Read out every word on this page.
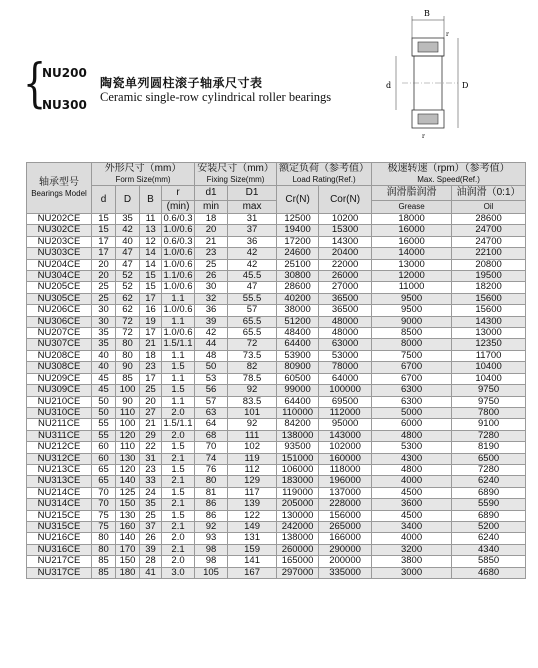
{
NU200
NU300
陶瓷单列圆柱滚子轴承尺寸表
Ceramic single-row cylindrical roller bearings
B
d	D
r
r
轴承型号
Bearings Model	外形尺寸（mm）
Form Size(mm)				安装尺寸（mm）
Fixing Size(mm)		额定负荷（参考值）
Load Rating(Ref.)		极速转速（rpm）（参考值）
Max. Speed(Ref.)	

	d	D	B	r	d1	D1	Cr(N)	Cor(N)	润滑脂润滑	油润滑（0:1）
				(min)	min	max			Grease	Oil

NU202CE	15	35	11	0.6/0.3	18	31	12500	10200	18000	28600
NU302CE	15	42	13	1.0/0.6	20	37	19400	15300	16000	24700
NU203CE	17	40	12	0.6/0.3	21	36	17200	14300	16000	24700
NU303CE	17	47	14	1.0/0.6	23	42	24600	20400	14000	22100
NU204CE	20	47	14	1.0/0.6	25	42	25100	22000	13000	20800
NU304CE	20	52	15	1.1/0.6	26	45.5	30800	26000	12000	19500
NU205CE	25	52	15	1.0/0.6	30	47	28600	27000	11000	18200
NU305CE	25	62	17	1.1	32	55.5	40200	36500	9500	15600
NU206CE	30	62	16	1.0/0.6	36	57	38000	36500	9500	15600
NU306CE	30	72	19	1.1	39	65.5	51200	48000	9000	14300
NU207CE	35	72	17	1.0/0.6	42	65.5	48400	48000	8500	13000
NU307CE	35	80	21	1.5/1.1	44	72	64400	63000	8000	12350
NU208CE	40	80	18	1.1	48	73.5	53900	53000	7500	11700
NU308CE	40	90	23	1.5	50	82	80900	78000	6700	10400
NU209CE	45	85	17	1.1	53	78.5	60500	64000	6700	10400
NU309CE	45	100	25	1.5	56	92	99000	100000	6300	9750
NU210CE	50	90	20	1.1	57	83.5	64400	69500	6300	9750
NU310CE	50	110	27	2.0	63	101	110000	112000	5000	7800
NU211CE	55	100	21	1.5/1.1	64	92	84200	95000	6000	9100
NU311CE	55	120	29	2.0	68	111	138000	143000	4800	7280
NU212CE	60	110	22	1.5	70	102	93500	102000	5300	8190
NU312CE	60	130	31	2.1	74	119	151000	160000	4300	6500
NU213CE	65	120	23	1.5	76	112	106000	118000	4800	7280
NU313CE	65	140	33	2.1	80	129	183000	196000	4000	6240
NU214CE	70	125	24	1.5	81	117	119000	137000	4500	6890
NU314CE	70	150	35	2.1	86	139	205000	228000	3600	5590
NU215CE	75	130	25	1.5	86	122	130000	156000	4500	6890
NU315CE	75	160	37	2.1	92	149	242000	265000	3400	5200
NU216CE	80	140	26	2.0	93	131	138000	166000	4000	6240
NU316CE	80	170	39	2.1	98	159	260000	290000	3200	4340
NU217CE	85	150	28	2.0	98	141	165000	200000	3800	5850
NU317CE	85	180	41	3.0	105	167	297000	335000	3000	4680
